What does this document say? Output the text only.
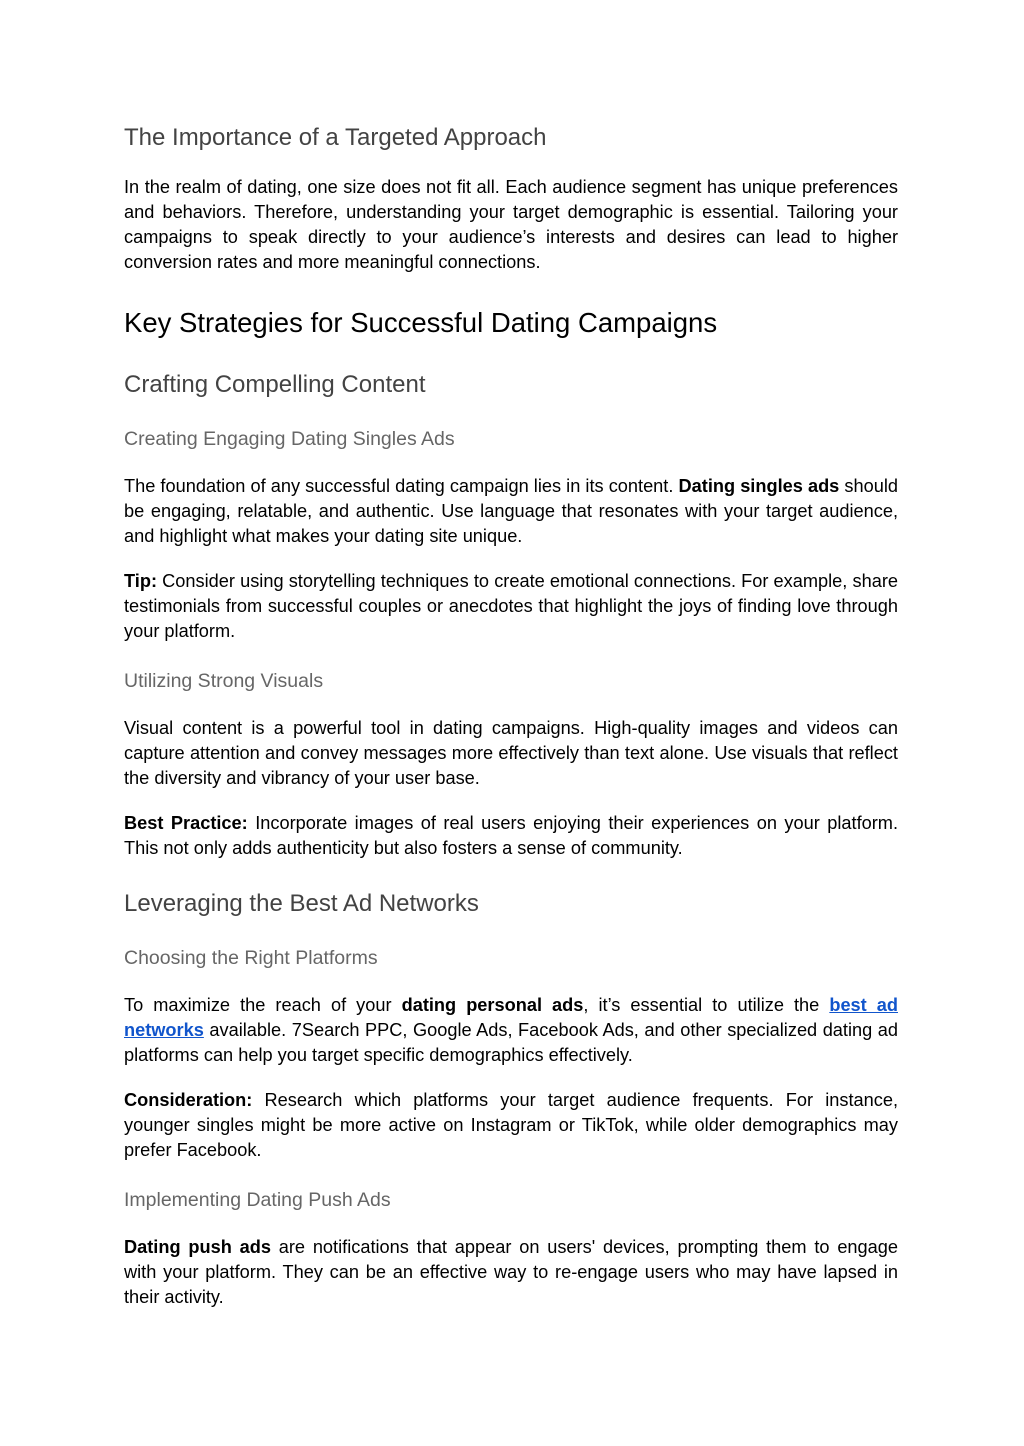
The Importance of a Targeted Approach

In the realm of dating, one size does not fit all. Each audience segment has unique preferences and behaviors. Therefore, understanding your target demographic is essential. Tailoring your campaigns to speak directly to your audience’s interests and desires can lead to higher conversion rates and more meaningful connections.

Key Strategies for Successful Dating Campaigns
Crafting Compelling Content
Creating Engaging Dating Singles Ads

The foundation of any successful dating campaign lies in its content. Dating singles ads should be engaging, relatable, and authentic. Use language that resonates with your target audience, and highlight what makes your dating site unique.

Tip: Consider using storytelling techniques to create emotional connections. For example, share testimonials from successful couples or anecdotes that highlight the joys of finding love through your platform.

Utilizing Strong Visuals

Visual content is a powerful tool in dating campaigns. High-quality images and videos can capture attention and convey messages more effectively than text alone. Use visuals that reflect the diversity and vibrancy of your user base.

Best Practice: Incorporate images of real users enjoying their experiences on your platform. This not only adds authenticity but also fosters a sense of community.

Leveraging the Best Ad Networks
Choosing the Right Platforms

To maximize the reach of your dating personal ads, it’s essential to utilize the best ad networks available. 7Search PPC, Google Ads, Facebook Ads, and other specialized dating ad platforms can help you target specific demographics effectively.

Consideration: Research which platforms your target audience frequents. For instance, younger singles might be more active on Instagram or TikTok, while older demographics may prefer Facebook.

Implementing Dating Push Ads

Dating push ads are notifications that appear on users' devices, prompting them to engage with your platform. They can be an effective way to re-engage users who may have lapsed in their activity.
